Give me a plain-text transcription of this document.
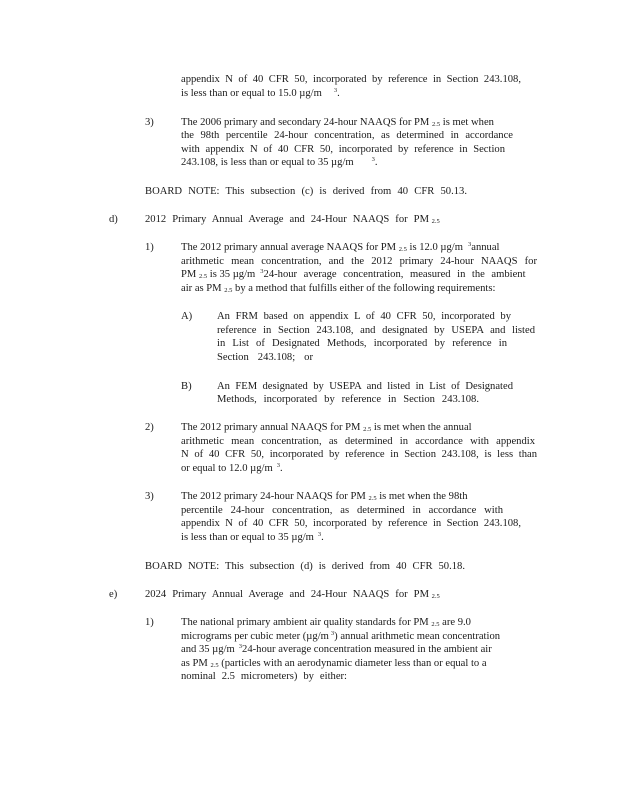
appendix N of 40 CFR 50, incorporated by reference in Section 243.108,
is less than or equal to 15.0 µg/m $^3$.
3)	The 2006 primary and secondary 24-hour NAAQS for PM $_{2.5}$ is met when
the 98th percentile 24-hour concentration, as determined in accordance
with appendix N of 40 CFR 50, incorporated by reference in Section
243.108, is less than or equal to 35 µg/m	$^3$.
BOARD NOTE: This subsection (c) is derived from 40 CFR 50.13.
d)	2012 Primary Annual Average and 24-Hour NAAQS for PM $_{2.5}$
1)	The 2012 primary annual average NAAQS for PM $_{2.5}$ is 12.0 µg/m $^3$annual
arithmetic mean concentration, and the 2012 primary 24-hour NAAQS for
PM $_{2.5}$ is 35 µg/m $^3$24-hour average concentration, measured in the ambient
air as PM $_{2.5}$ by a method that fulfills either of the following requirements:
A) An FRM based on appendix L of 40 CFR 50, incorporated by
reference in Section 243.108, and designated by USEPA and listed
in List of Designated Methods, incorporated by reference in
Section 243.108; or
B) An FEM designated by USEPA and listed in List of Designated
Methods, incorporated by reference in Section 243.108.
2)	The 2012 primary annual NAAQS for PM $_{2.5}$ is met when the annual
arithmetic mean concentration, as determined in accordance with appendix
N of 40 CFR 50, incorporated by reference in Section 243.108, is less than
or equal to 12.0 µg/m $^3$.
3)	The 2012 primary 24-hour NAAQS for PM $_{2.5}$ is met when the 98th
percentile 24-hour concentration, as determined in accordance with
appendix N of 40 CFR 50, incorporated by reference in Section 243.108,
is less than or equal to 35 µg/m $^3$.
BOARD NOTE: This subsection (d) is derived from 40 CFR 50.18.
e)	2024 Primary Annual Average and 24-Hour NAAQS for PM $_{2.5}$
1)	The national primary ambient air quality standards for PM $_{2.5}$ are 9.0
micrograms per cubic meter (µg/m $^3$) annual arithmetic mean concentration
and 35 µg/m $^3$24-hour average concentration measured in the ambient air
as PM $_{2.5}$ (particles with an aerodynamic diameter less than or equal to a
nominal 2.5 micrometers) by either:
